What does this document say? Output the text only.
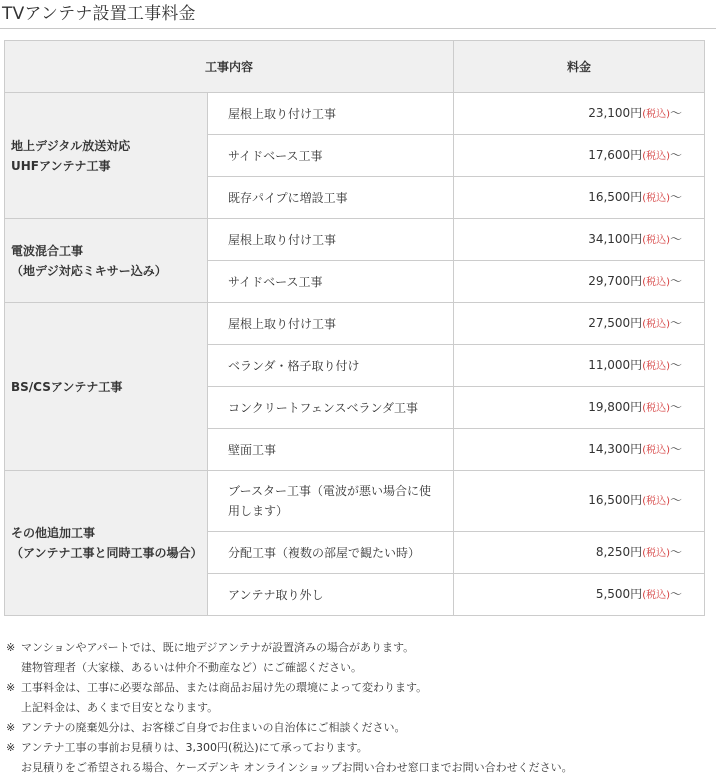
TVアンテナ設置工事料金
工事内容		料金

地上デジタル放送対応
UHFアンテナ工事	屋根上取り付け工事	23,100円(税込)〜
	サイドベース工事	17,600円(税込)〜
	既存パイプに増設工事	16,500円(税込)〜

電波混合工事
（地デジ対応ミキサー込み）	屋根上取り付け工事	34,100円(税込)〜
	サイドベース工事	29,700円(税込)〜

BS/CSアンテナ工事	屋根上取り付け工事	27,500円(税込)〜
	ベランダ・格子取り付け	11,000円(税込)〜
	コンクリートフェンスベランダ工事	19,800円(税込)〜
	壁面工事	14,300円(税込)〜

その他追加工事
（アンテナ工事と同時工事の場合）	ブースター工事（電波が悪い場合に使用します）	16,500円(税込)〜
	分配工事（複数の部屋で観たい時）	8,250円(税込)〜
	アンテナ取り外し	5,500円(税込)〜
※ マンションやアパートでは、既に地デジアンテナが設置済みの場合があります。
建物管理者（大家様、あるいは仲介不動産など）にご確認ください。
※ 工事料金は、工事に必要な部品、または商品お届け先の環境によって変わります。
上記料金は、あくまで目安となります。
※ アンテナの廃棄処分は、お客様ご自身でお住まいの自治体にご相談ください。
※ アンテナ工事の事前お見積りは、3,300円(税込)にて承っております。
お見積りをご希望される場合、ケーズデンキ オンラインショップお問い合わせ窓口までお問い合わせください。
